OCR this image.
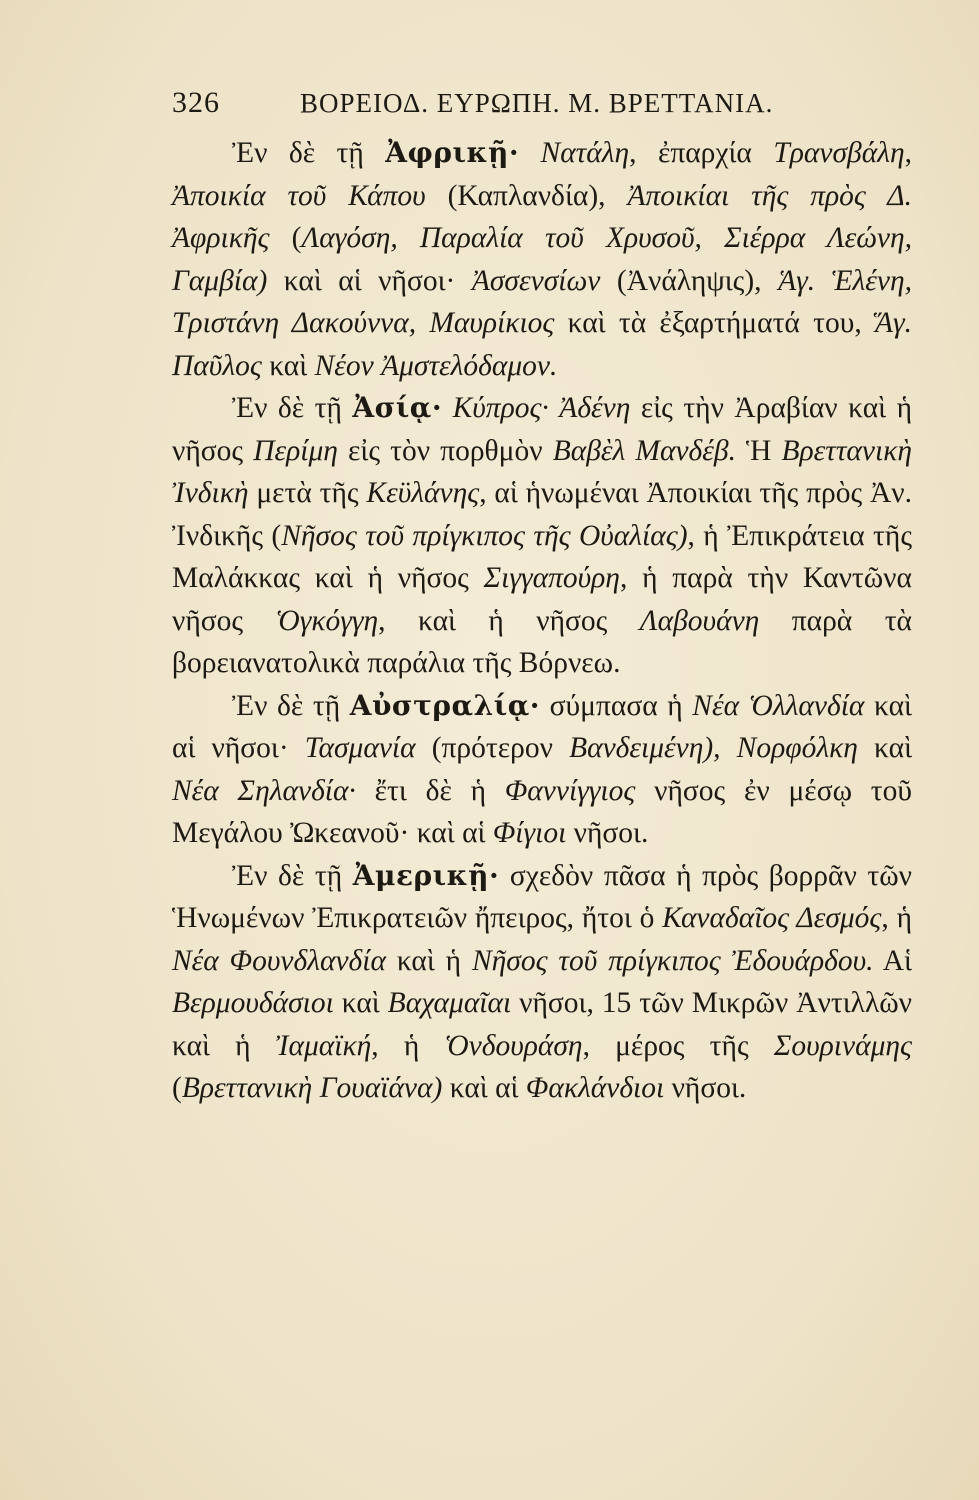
326	ΒΟΡΕΙΟΔ. ΕΥΡΩΠΗ. Μ. ΒΡΕΤΤΑΝΙΑ.

Ἐν δὲ τῇ Ἀφρικῇ· Νατάλη, ἐπαρχία Τρανσβάλη, Ἀποικία τοῦ Κάπου (Καπλανδία), Ἀποικίαι τῆς πρὸς Δ. Ἀφρικῆς (Λαγόση, Παραλία τοῦ Χρυσοῦ, Σιέρρα Λεώνη, Γαμβία) καὶ αἱ νῆσοι· Ἀσσενσίων (Ἀνάληψις), Ἁγ. Ἑλένη, Τριστάνη Δακούννα, Μαυρίκιος καὶ τὰ ἐξαρτήματά του, Ἅγ. Παῦλος καὶ Νέον Ἀμστελόδαμον.

Ἐν δὲ τῇ Ἀσίᾳ· Κύπρος· Ἀδένη εἰς τὴν Ἀραβίαν καὶ ἡ νῆσος Περίμη εἰς τὸν πορθμὸν Βαβὲλ Μανδέβ. Ἡ Βρεττανικὴ Ἰνδικὴ μετὰ τῆς Κεϋλάνης, αἱ ἡνωμέναι Ἀποικίαι τῆς πρὸς Ἀν. Ἰνδικῆς (Νῆσος τοῦ πρίγκιπος τῆς Οὐαλίας), ἡ Ἐπικράτεια τῆς Μαλάκκας καὶ ἡ νῆσος Σιγγαπούρη, ἡ παρὰ τὴν Καντῶνα νῆσος Ὁγκόγγη, καὶ ἡ νῆσος Λαβουάνη παρὰ τὰ βορειανατολικὰ παράλια τῆς Βόρνεω.

Ἐν δὲ τῇ Αὐστραλίᾳ· σύμπασα ἡ Νέα Ὁλλανδία καὶ αἱ νῆσοι· Τασμανία (πρότερον Βανδειμένη), Νορφόλκη καὶ Νέα Σηλανδία· ἔτι δὲ ἡ Φαννίγγιος νῆσος ἐν μέσῳ τοῦ Μεγάλου Ὠκεανοῦ· καὶ αἱ Φίγιοι νῆσοι.

Ἐν δὲ τῇ Ἀμερικῇ· σχεδὸν πᾶσα ἡ πρὸς βορρᾶν τῶν Ἡνωμένων Ἐπικρατειῶν ἤπειρος, ἤτοι ὁ Καναδαῖος Δεσμός, ἡ Νέα Φουνδλανδία καὶ ἡ Νῆσος τοῦ πρίγκιπος Ἐδουάρδου. Αἱ Βερμουδάσιοι καὶ Βαχαμαῖαι νῆσοι, 15 τῶν Μικρῶν Ἀντιλλῶν καὶ ἡ Ἰαμαϊκή, ἡ Ὁνδουράση, μέρος τῆς Σουρινάμης (Βρεττανικὴ Γουαϊάνα) καὶ αἱ Φακλάνδιοι νῆσοι.
